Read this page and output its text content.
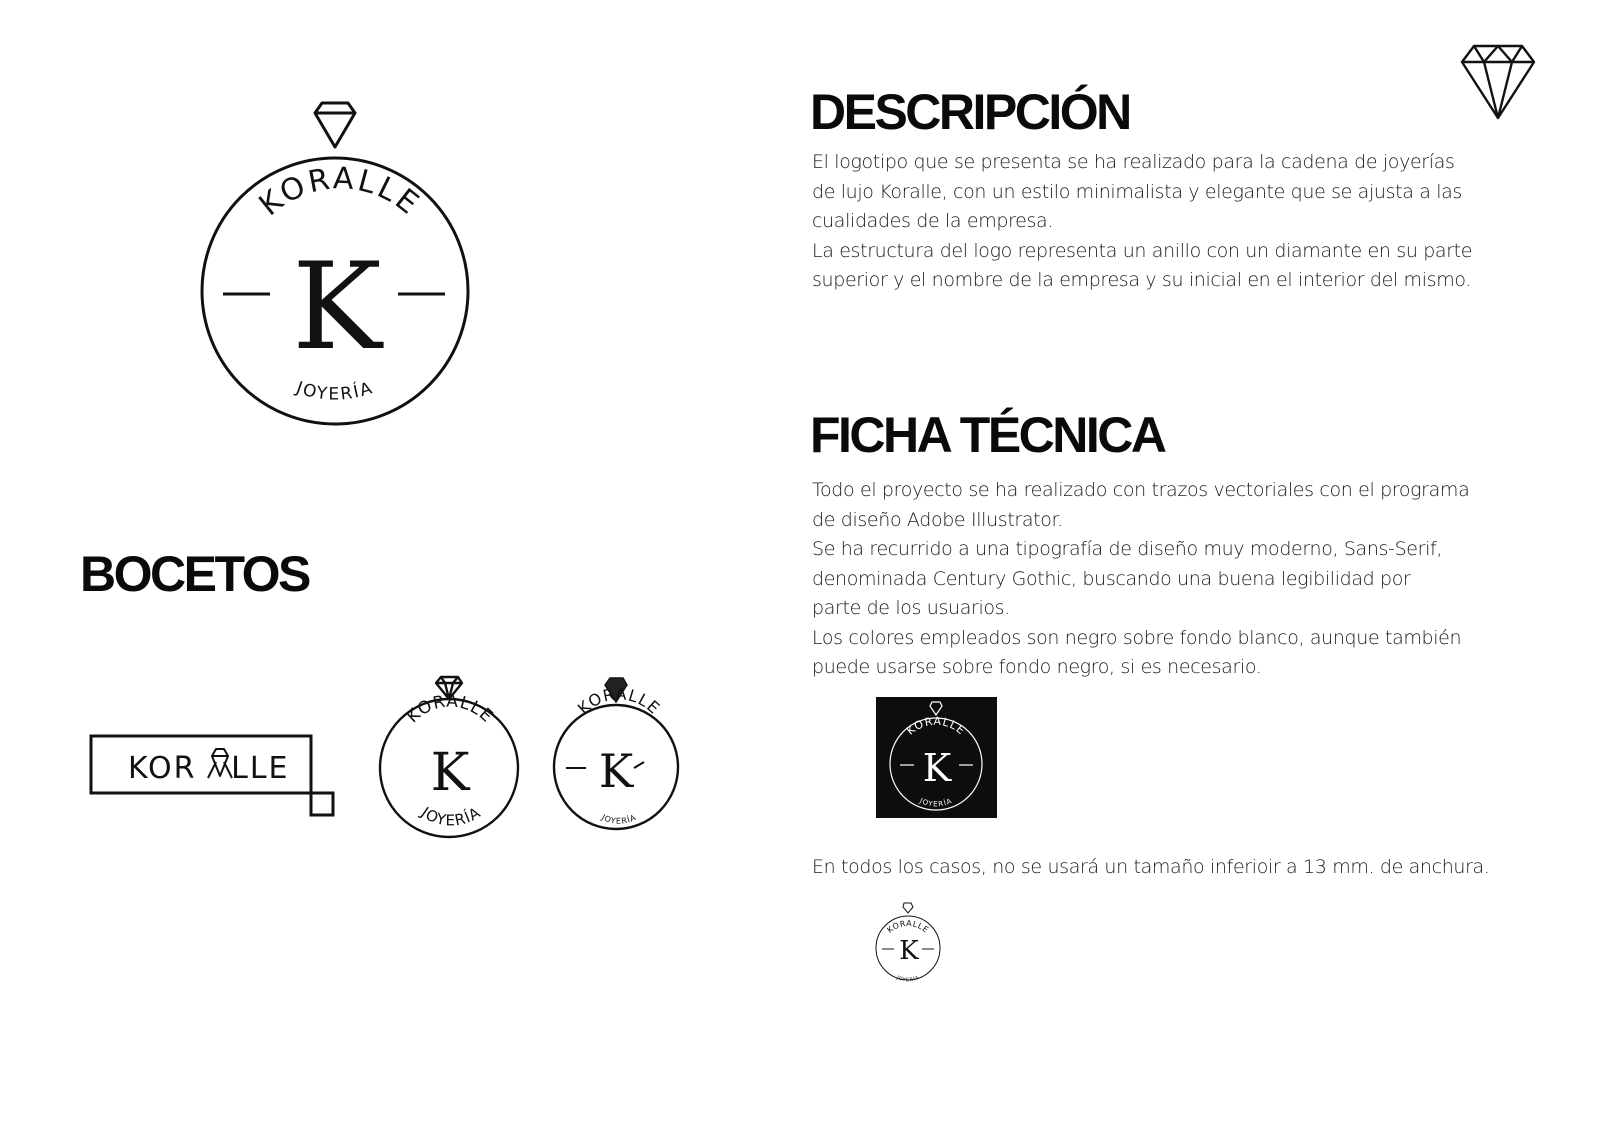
KORALLE
K
JOYERÍA
DESCRIPCIÓN
El logotipo que se presenta se ha realizado para la cadena de joyerías
de lujo Koralle, con un estilo minimalista y elegante que se ajusta a las
cualidades de la empresa.
La estructura del logo representa un anillo con un diamante en su parte
superior y el nombre de la empresa y su inicial en el interior del mismo.
FICHA TÉCNICA
Todo el proyecto se ha realizado con trazos vectoriales con el programa
de diseño Adobe Illustrator.
Se ha recurrido a una tipografía de diseño muy moderno, Sans-Serif,
denominada Century Gothic, buscando una buena legibilidad por
parte de los usuarios.
Los colores empleados son negro sobre fondo blanco, aunque también
puede usarse sobre fondo negro, si es necesario.
KORALLE
K
JOYERÍA
En todos los casos, no se usará un tamaño inferioir a 13 mm. de anchura.
KORALLE
K
JOYERÍA
BOCETOS
KOR   LLE
KORALLE
K
JOYERÍA
KORALLE
K
JOYERÍA
